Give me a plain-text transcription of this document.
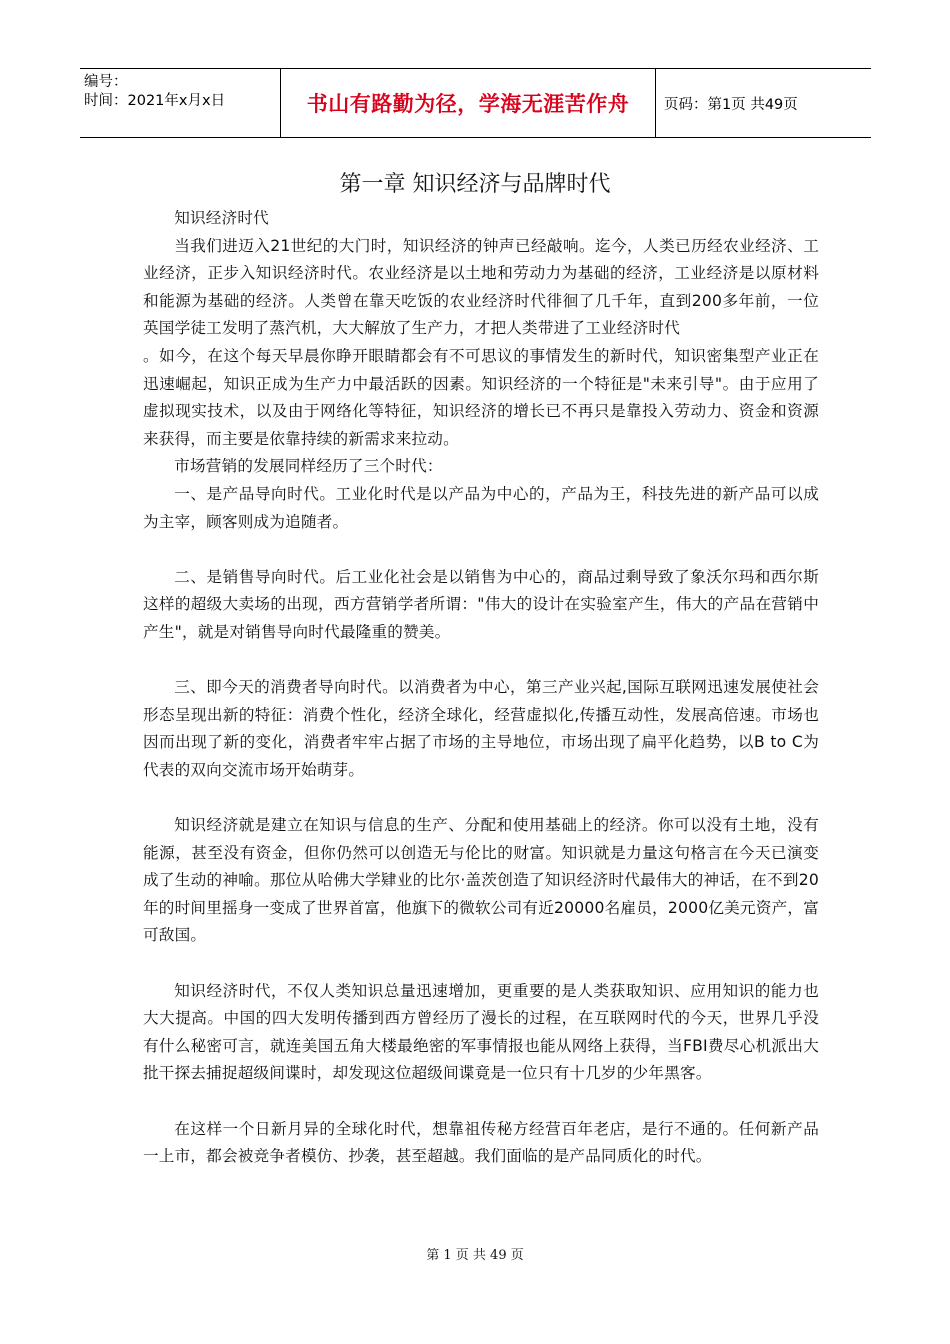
编号：
时间：2021年x月x日	书山有路勤为径，学海无涯苦作舟 页码：第1页 共49页
第一章 知识经济与品牌时代

知识经济时代

当我们进迈入21世纪的大门时，知识经济的钟声已经敲响。迄今，人类已历经农业经济、工业经济，正步入知识经济时代。农业经济是以土地和劳动力为基础的经济，工业经济是以原材料和能源为基础的经济。人类曾在靠天吃饭的农业经济时代徘徊了几千年，直到200多年前，一位英国学徒工发明了蒸汽机，大大解放了生产力，才把人类带进了工业经济时代

。如今，在这个每天早晨你睁开眼睛都会有不可思议的事情发生的新时代，知识密集型产业正在迅速崛起，知识正成为生产力中最活跃的因素。知识经济的一个特征是"未来引导"。由于应用了虚拟现实技术，以及由于网络化等特征，知识经济的增长已不再只是靠投入劳动力、资金和资源来获得，而主要是依靠持续的新需求来拉动。

市场营销的发展同样经历了三个时代：

一、是产品导向时代。工业化时代是以产品为中心的，产品为王，科技先进的新产品可以成为主宰，顾客则成为追随者。

二、是销售导向时代。后工业化社会是以销售为中心的，商品过剩导致了象沃尔玛和西尔斯这样的超级大卖场的出现，西方营销学者所谓："伟大的设计在实验室产生，伟大的产品在营销中产生"，就是对销售导向时代最隆重的赞美。

三、即今天的消费者导向时代。以消费者为中心，第三产业兴起,国际互联网迅速发展使社会形态呈现出新的特征：消费个性化，经济全球化，经营虚拟化,传播互动性，发展高倍速。市场也因而出现了新的变化，消费者牢牢占据了市场的主导地位，市场出现了扁平化趋势，以B to C为代表的双向交流市场开始萌芽。

知识经济就是建立在知识与信息的生产、分配和使用基础上的经济。你可以没有土地，没有能源，甚至没有资金，但你仍然可以创造无与伦比的财富。知识就是力量这句格言在今天已演变成了生动的神喻。那位从哈佛大学肄业的比尔·盖茨创造了知识经济时代最伟大的神话，在不到20年的时间里摇身一变成了世界首富，他旗下的微软公司有近20000名雇员，2000亿美元资产，富可敌国。

知识经济时代，不仅人类知识总量迅速增加，更重要的是人类获取知识、应用知识的能力也大大提高。中国的四大发明传播到西方曾经历了漫长的过程，在互联网时代的今天，世界几乎没有什么秘密可言，就连美国五角大楼最绝密的军事情报也能从网络上获得，当FBI费尽心机派出大批干探去捕捉超级间谍时，却发现这位超级间谍竟是一位只有十几岁的少年黑客。

在这样一个日新月异的全球化时代，想靠祖传秘方经营百年老店，是行不通的。任何新产品一上市，都会被竞争者模仿、抄袭，甚至超越。我们面临的是产品同质化的时代。

第 1 页 共 49 页
